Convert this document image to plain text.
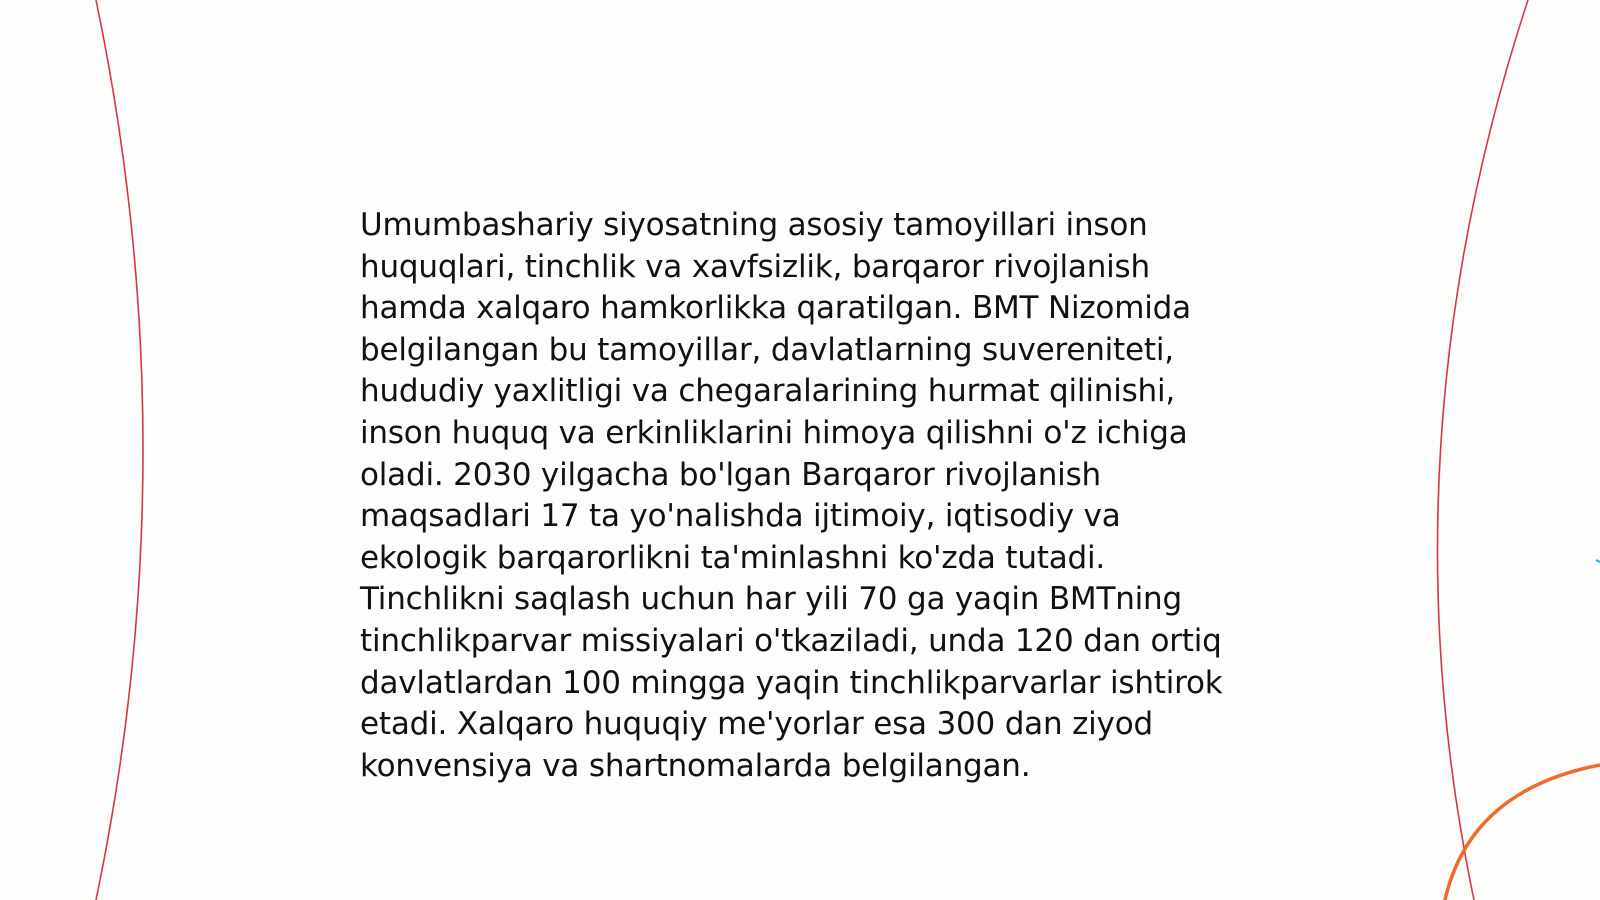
Umumbashariy siyosatning asosiy tamoyillari inson huquqlari, tinchlik va xavfsizlik, barqaror rivojlanish hamda xalqaro hamkorlikka qaratilgan. BMT Nizomida belgilangan bu tamoyillar, davlatlarning suvereniteti, hududiy yaxlitligi va chegaralarining hurmat qilinishi, inson huquq va erkinliklarini himoya qilishni o'z ichiga oladi. 2030 yilgacha bo'lgan Barqaror rivojlanish maqsadlari 17 ta yo'nalishda ijtimoiy, iqtisodiy va ekologik barqarorlikni ta'minlashni ko'zda tutadi. Tinchlikni saqlash uchun har yili 70 ga yaqin BMTning tinchlikparvar missiyalari o'tkaziladi, unda 120 dan ortiq davlatlardan 100 mingga yaqin tinchlikparvarlar ishtirok etadi. Xalqaro huquqiy me'yorlar esa 300 dan ziyod konvensiya va shartnomalarda belgilangan.
